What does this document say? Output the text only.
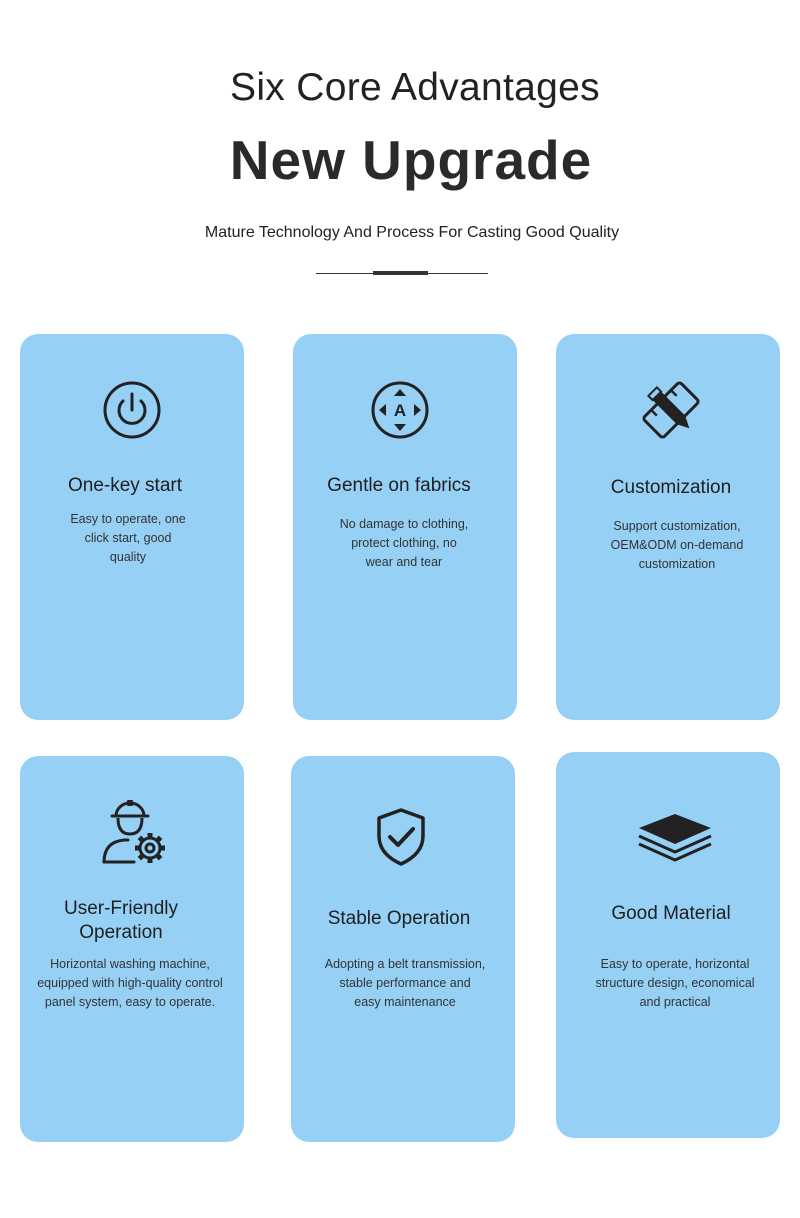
Six Core Advantages
New Upgrade
Mature Technology And Process For Casting Good Quality
One-key start
Easy to operate, one
click start, good
quality
A
Gentle on fabrics
No damage to clothing,
protect clothing, no
wear and tear
Customization
Support customization,
OEM&ODM on-demand
customization
User-Friendly
Operation
Horizontal washing machine,
equipped with high-quality control
panel system, easy to operate.
Stable Operation
Adopting a belt transmission,
stable performance and
easy maintenance
Good Material
Easy to operate, horizontal
structure design, economical
and practical
